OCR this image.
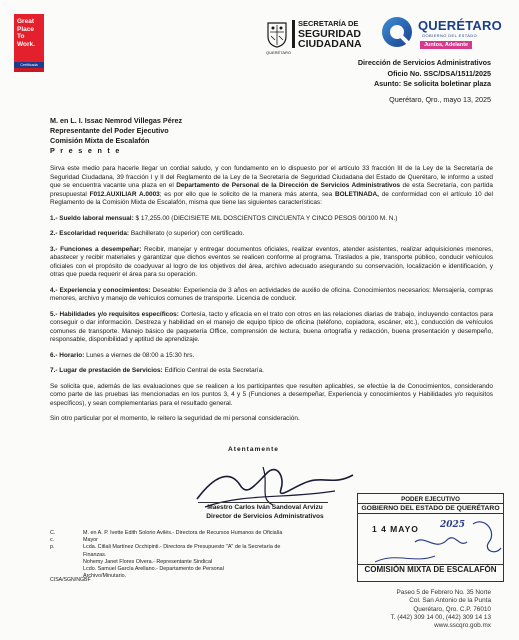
Great
Place
To
Work.
Certificada
SECRETARÍA DE
SEGURIDAD
CIUDADANA
QUERÉTARO
QUERÉTARO
GOBIERNO DEL ESTADO
Juntos, Adelante
Dirección de Servicios Administrativos
Oficio No. SSC/DSA/1511/2025
Asunto: Se solicita boletinar plaza
Querétaro, Qro., mayo 13, 2025
M. en L. I. Issac Nemrod Villegas Pérez
Representante del Poder Ejecutivo
Comisión Mixta de Escalafón
P r e s e n t e

Sirva este medio para hacerle llegar un cordial saludo, y con fundamento en lo dispuesto por el artículo 33 fracción III de la Ley de la Secretaría de Seguridad Ciudadana, 39 fracción I y II del Reglamento de la Ley de la Secretaría de Seguridad Ciudadana del Estado de Querétaro, le informo a usted que se encuentra vacante una plaza en el Departamento de Personal de la Dirección de Servicios Administrativos de esta Secretaría, con partida presupuestal F012.AUXILIAR A.0003; es por ello que le solicito de la manera más atenta, sea BOLETINADA, de conformidad con el artículo 10 del Reglamento de la Comisión Mixta de Escalafón, misma que tiene las siguientes características:

1.- Sueldo laboral mensual: $ 17,255.00 (DIECISIETE MIL DOSCIENTOS CINCUENTA Y CINCO PESOS 00/100 M. N.)

2.- Escolaridad requerida: Bachillerato (o superior) con certificado.

3.- Funciones a desempeñar: Recibir, manejar y entregar documentos oficiales, realizar eventos, atender asistentes, realizar adquisiciones menores, abastecer y recibir materiales y garantizar que dichos eventos se realicen conforme al programa. Traslados a pie, transporte público, conducir vehículos oficiales con el propósito de coadyuvar al logro de los objetivos del área, archivo adecuado asegurando su conservación, localización e identificación, y otras que pueda requerir el área para su operación.

4.- Experiencia y conocimientos: Deseable: Experiencia de 3 años en actividades de auxilio de oficina. Conocimientos necesarios: Mensajería, compras menores, archivo y manejo de vehículos comunes de transporte. Licencia de conducir.

5.- Habilidades y/o requisitos específicos: Cortesía, tacto y eficacia en el trato con otros en las relaciones diarias de trabajo, incluyendo contactos para conseguir o dar información. Destreza y habilidad en el manejo de equipo típico de oficina (teléfono, copiadora, escáner, etc.), conducción de vehículos comunes de transporte. Manejo básico de paquetería Office, comprensión de lectura, buena ortografía y redacción, buena presentación y desempeño, responsable, disponibilidad y aptitud de aprendizaje.

6.- Horario: Lunes a viernes de 08:00 a 15:30 hrs.

7.- Lugar de prestación de Servicios: Edificio Central de esta Secretaría.

Se solicita que, además de las evaluaciones que se realicen a los participantes que resulten aplicables, se efectúe la de Conocimientos, considerando como parte de las pruebas las mencionadas en los puntos 3, 4 y 5 (Funciones a desempeñar, Experiencia y conocimientos y Habilidades y/o requisitos específicos), y sean complementarias para el resultado general.

Sin otro particular por el momento, le reitero la seguridad de mi personal consideración.

Atentamente
Maestro Carlos Iván Sandoval Arvizu
Director de Servicios Administrativos
C. c. p.
M. en A. P. Ivette Edith Solorio Avilés.- Directora de Recursos Humanos de Oficialía Mayor
Lcda. Citlali Martínez Occhipinti.- Directora de Presupuesto "A" de la Secretaría de Finanzas.
Nohemy Janet Flores Olvera.- Representante Sindical
Lcdo. Samuel García Arellano.- Departamento de Personal
Archivo/Minutario.
CISA/SGN/NGBF
PODER EJECUTIVO
GOBIERNO DEL ESTADO DE QUERÉTARO
1 4 MAYO 2025
COMISIÓN MIXTA DE ESCALAFÓN
Paseo 5 de Febrero No. 35 Norte
Col. San Antonio de la Punta
Querétaro, Qro. C.P. 76010
T. (442) 309 14 00, (442) 309 14 13
www.sscqro.gob.mx
